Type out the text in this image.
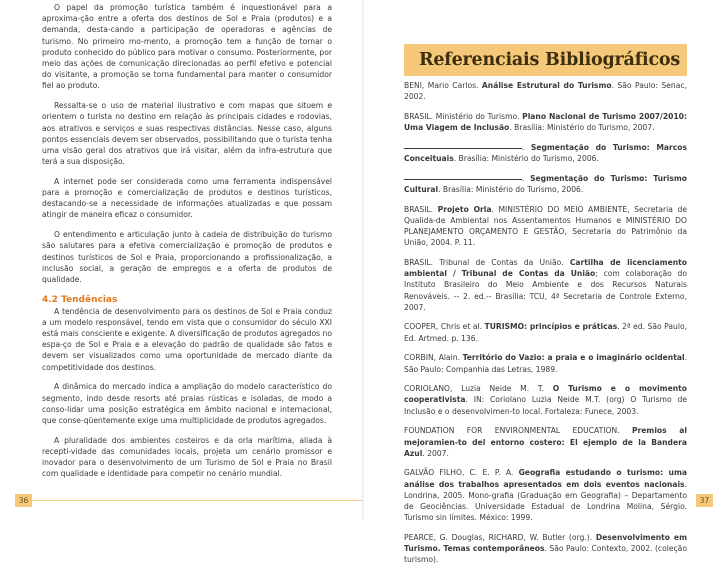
O papel da promoção turística também é inquestionável para a aproxima-ção entre a oferta dos destinos de Sol e Praia (produtos) e a demanda, desta-cando a participação de operadoras e agências de turismo. No primeiro mo-mento, a promoção tem a função de tornar o produto conhecido do público para motivar o consumo. Posteriormente, por meio das ações de comunicação direcionadas ao perfil efetivo e potencial do visitante, a promoção se torna fundamental para manter o consumidor fiel ao produto.

Ressalta-se o uso de material ilustrativo e com mapas que situem e orientem o turista no destino em relação às principais cidades e rodovias, aos atrativos e serviços e suas respectivas distâncias. Nesse caso, alguns pontos essenciais devem ser observados, possibilitando que o turista tenha uma visão geral dos atrativos que irá visitar, além da infra-estrutura que terá a sua disposição.

A internet pode ser considerada como uma ferramenta indispensável para a promoção e comercialização de produtos e destinos turísticos, destacando-se a necessidade de informações atualizadas e que possam atingir de maneira eficaz o consumidor.

O entendimento e articulação junto à cadeia de distribuição do turismo são salutares para a efetiva comercialização e promoção de produtos e destinos turísticos de Sol e Praia, proporcionando a profissionalização, a inclusão social, a geração de empregos e a oferta de produtos de qualidade.

4.2 Tendências

A tendência de desenvolvimento para os destinos de Sol e Praia conduz a um modelo responsável, tendo em vista que o consumidor do século XXI está mais consciente e exigente. A diversificação de produtos agregados no espa-ço de Sol e Praia e a elevação do padrão de qualidade são fatos e devem ser visualizados como uma oportunidade de mercado diante da competitividade dos destinos.

A dinâmica do mercado indica a ampliação do modelo característico do segmento, indo desde resorts até praias rústicas e isoladas, de modo a conso-lidar uma posição estratégica em âmbito nacional e internacional, que conse-qüentemente exige uma multiplicidade de produtos agregados.

A pluralidade dos ambientes costeiros e da orla marítima, aliada à recepti-vidade das comunidades locais, projeta um cenário promissor e inovador para o desenvolvimento de um Turismo de Sol e Praia no Brasil com qualidade e identidade para competir no cenário mundial.

36
Referenciais Bibliográficos

BENI, Mario Carlos. Análise Estrutural do Turismo. São Paulo: Senac, 2002.

BRASIL. Ministério do Turismo. Plano Nacional de Turismo 2007/2010: Uma Viagem de Inclusão. Brasília: Ministério do Turismo, 2007.

. Segmentação do Turismo: Marcos Conceituais. Brasília: Ministério do Turismo, 2006.

. Segmentação do Turismo: Turismo Cultural. Brasília: Ministério do Turismo, 2006.

BRASIL. Projeto Orla. MINISTÉRIO DO MEIO AMBIENTE, Secretaria de Qualida-de Ambiental nos Assentamentos Humanos e MINISTÉRIO DO PLANEJAMENTO ORÇAMENTO E GESTÃO, Secretaria do Patrimônio da União, 2004. P. 11.

BRASIL. Tribunal de Contas da União. Cartilha de licenciamento ambiental / Tribunal de Contas da União; com colaboração do Instituto Brasileiro do Meio Ambiente e dos Recursos Naturais Renováveis. -- 2. ed.-- Brasília: TCU, 4ª Secretaria de Controle Externo, 2007.

COOPER, Chris et al. TURISMO: princípios e práticas. 2ª ed. São Paulo, Ed. Artmed. p. 136.

CORBIN, Alain. Território do Vazio: a praia e o imaginário ocidental. São Paulo: Companhia das Letras, 1989.

CORIOLANO, Luzia Neide M. T. O Turismo e o movimento cooperativista. IN: Coriolano Luzia Neide M.T. (org) O Turismo de Inclusão e o desenvolvimen-to local. Fortaleza: Funece, 2003.

FOUNDATION FOR ENVIRONMENTAL EDUCATION. Premios al mejoramien-to del entorno costero: El ejemplo de la Bandera Azul. 2007.

GALVÃO FILHO, C. E. P. A. Geografia estudando o turismo: uma análise dos trabalhos apresentados em dois eventos nacionais. Londrina, 2005. Mono-grafia (Graduação em Geografia) – Departamento de Geociências. Universidade Estadual de Londrina Molina, Sérgio. Turismo sin límites. México: 1999.

PEARCE, G. Douglas, RICHARD, W. Butler (org.). Desenvolvimento em Turismo. Temas contemporâneos. São Paulo: Contexto, 2002. (coleção turismo).

37
